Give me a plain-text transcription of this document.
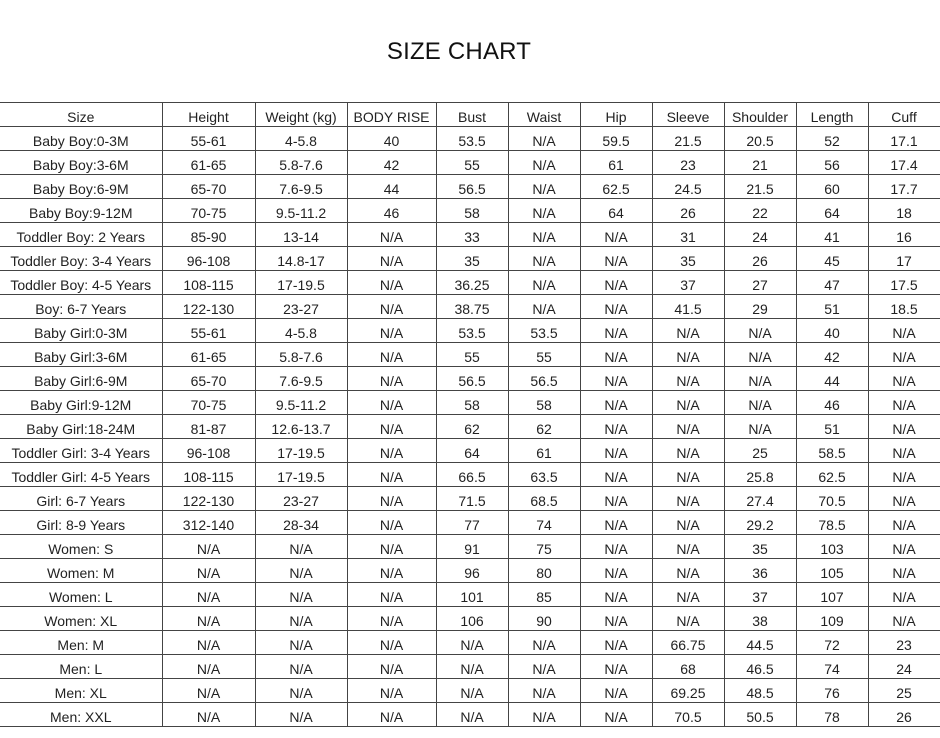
SIZE CHART
Size	Height	Weight (kg)	BODY RISE	Bust	Waist	Hip	Sleeve	Shoulder	Length	Cuff
Baby Boy:0-3M	55-61	4-5.8	40	53.5	N/A	59.5	21.5	20.5	52	17.1
Baby Boy:3-6M	61-65	5.8-7.6	42	55	N/A	61	23	21	56	17.4
Baby Boy:6-9M	65-70	7.6-9.5	44	56.5	N/A	62.5	24.5	21.5	60	17.7
Baby Boy:9-12M	70-75	9.5-11.2	46	58	N/A	64	26	22	64	18
Toddler Boy: 2 Years	85-90	13-14	N/A	33	N/A	N/A	31	24	41	16
Toddler Boy: 3-4 Years	96-108	14.8-17	N/A	35	N/A	N/A	35	26	45	17
Toddler Boy: 4-5 Years	108-115	17-19.5	N/A	36.25	N/A	N/A	37	27	47	17.5
Boy: 6-7 Years	122-130	23-27	N/A	38.75	N/A	N/A	41.5	29	51	18.5
Baby Girl:0-3M	55-61	4-5.8	N/A	53.5	53.5	N/A	N/A	N/A	40	N/A
Baby Girl:3-6M	61-65	5.8-7.6	N/A	55	55	N/A	N/A	N/A	42	N/A
Baby Girl:6-9M	65-70	7.6-9.5	N/A	56.5	56.5	N/A	N/A	N/A	44	N/A
Baby Girl:9-12M	70-75	9.5-11.2	N/A	58	58	N/A	N/A	N/A	46	N/A
Baby Girl:18-24M	81-87	12.6-13.7	N/A	62	62	N/A	N/A	N/A	51	N/A
Toddler Girl: 3-4 Years	96-108	17-19.5	N/A	64	61	N/A	N/A	25	58.5	N/A
Toddler Girl: 4-5 Years	108-115	17-19.5	N/A	66.5	63.5	N/A	N/A	25.8	62.5	N/A
Girl: 6-7 Years	122-130	23-27	N/A	71.5	68.5	N/A	N/A	27.4	70.5	N/A
Girl: 8-9 Years	312-140	28-34	N/A	77	74	N/A	N/A	29.2	78.5	N/A
Women: S	N/A	N/A	N/A	91	75	N/A	N/A	35	103	N/A
Women: M	N/A	N/A	N/A	96	80	N/A	N/A	36	105	N/A
Women: L	N/A	N/A	N/A	101	85	N/A	N/A	37	107	N/A
Women: XL	N/A	N/A	N/A	106	90	N/A	N/A	38	109	N/A
Men: M	N/A	N/A	N/A	N/A	N/A	N/A	66.75	44.5	72	23
Men: L	N/A	N/A	N/A	N/A	N/A	N/A	68	46.5	74	24
Men: XL	N/A	N/A	N/A	N/A	N/A	N/A	69.25	48.5	76	25
Men: XXL	N/A	N/A	N/A	N/A	N/A	N/A	70.5	50.5	78	26
